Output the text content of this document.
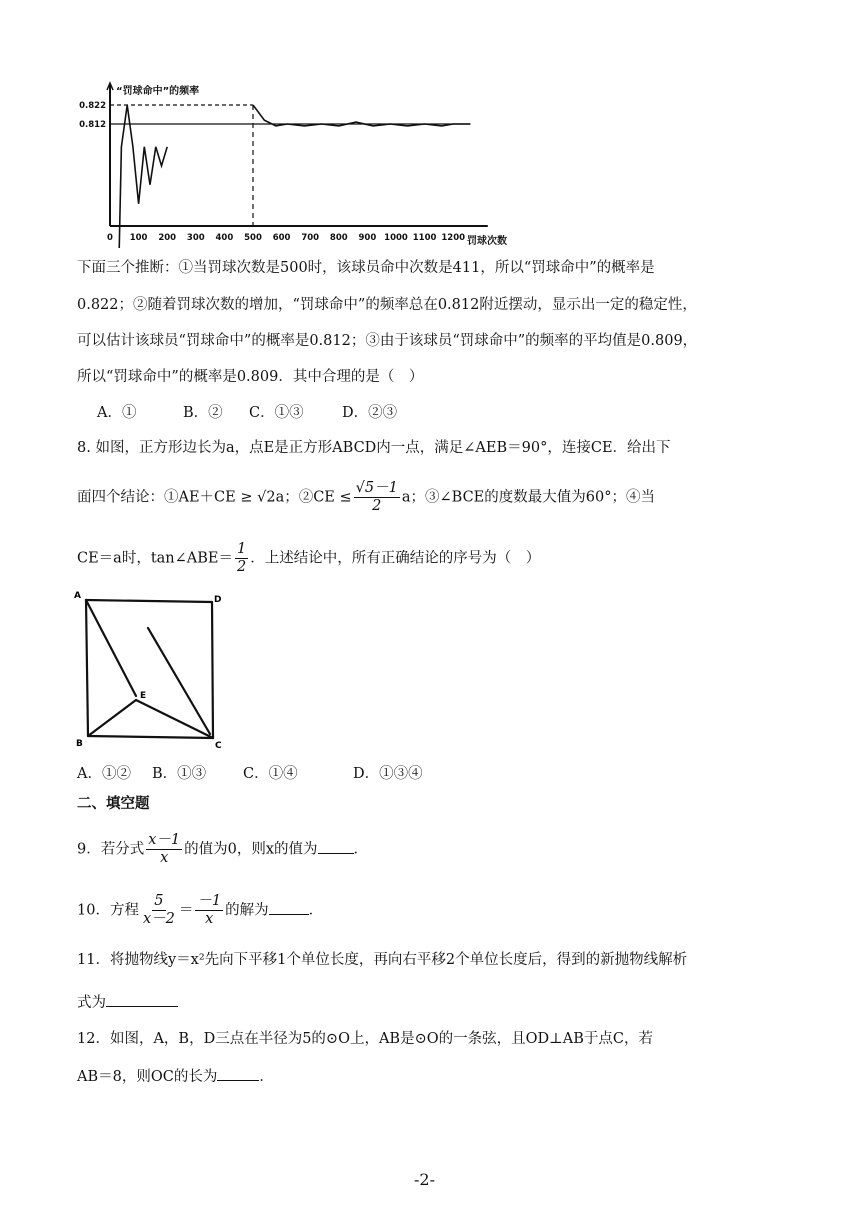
0 100 200 300 400 500 600 700 800 900 1000 1100 1200
0.822
0.812
“罚球命中”的频率
罚球次数
下面三个推断：①当罚球次数是500时，该球员命中次数是411，所以“罚球命中”的概率是
0.822；②随着罚球次数的增加，“罚球命中”的频率总在0.812附近摆动，显示出一定的稳定性，
可以估计该球员“罚球命中”的概率是0.812；③由于该球员“罚球命中”的频率的平均值是0.809，
所以“罚球命中”的概率是0.809．其中合理的是（　）
A．①	B．② C．①③	D．②③
8. 如图，正方形边长为a，点E是正方形ABCD内一点，满足∠AEB＝90°，连接CE．给出下
面四个结论：①AE＋CE ≥ √2a；②CE ≤ $\frac{√5-1}{2}$ a；③∠BCE的度数最大值为60°；④当
CE＝a时，tan∠ABE＝ $\frac{1}{2}$ ．上述结论中，所有正确结论的序号为（　）
A	D
B	C
E
A．①② B．①③	C．①④	D．①③④
二、填空题
9．若分式 $\frac{x-1}{x}$ 的值为0，则x的值为 ．
10．方程 $\frac{5}{x-2} = \frac{-1}{x}$ 的解为	．
11．将抛物线y＝x²先向下平移1个单位长度，再向右平移2个单位长度后，得到的新抛物线解析
式为
12．如图，A，B，D三点在半径为5的⊙O上，AB是⊙O的一条弦，且OD⊥AB于点C，若
AB＝8，则OC的长为	．
-2-
